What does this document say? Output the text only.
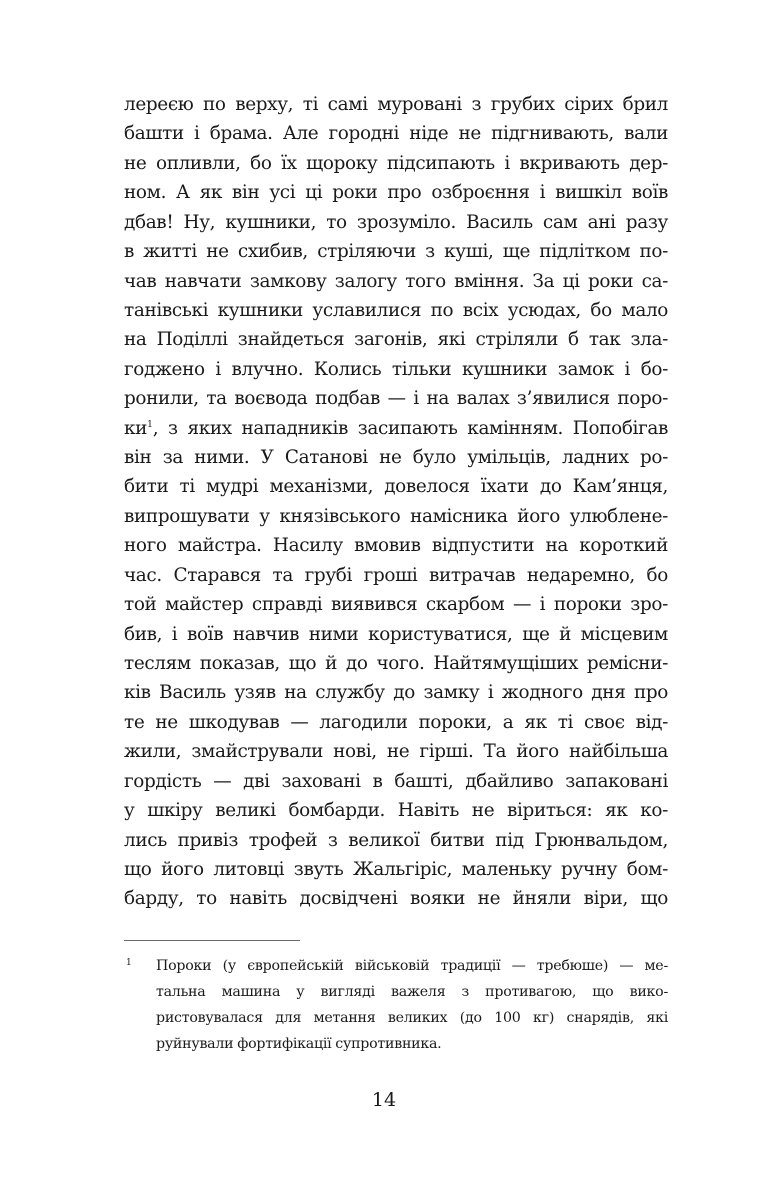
лереєю по верху, ті самі муровані з грубих сірих брил
башти і брама. Але городні ніде не підгнивають, вали
не опливли, бо їх щороку підсипають і вкривають дер-
ном. А як він усі ці роки про озброєння і вишкіл воїв
дбав! Ну, кушники, то зрозуміло. Василь сам ані разу
в житті не схибив, стріляючи з куші, ще підлітком по-
чав навчати замкову залогу того вміння. За ці роки са-
танівські кушники уславилися по всіх усюдах, бо мало
на Поділлі знайдеться загонів, які стріляли б так зла-
годжено і влучно. Колись тільки кушники замок і бо-
ронили, та воєвода подбав — і на валах з’явилися поро-
ки$^1$, з яких нападників засипають камінням. Попобігав
він за ними. У Сатанові не було умільців, ладних ро-
бити ті мудрі механізми, довелося їхати до Кам’янця,
випрошувати у князівського намісника його улюблене-
ного майстра. Насилу вмовив відпустити на короткий
час. Старався та грубі гроші витрачав недаремно, бо
той майстер справді виявився скарбом — і пороки зро-
бив, і воїв навчив ними користуватися, ще й місцевим
теслям показав, що й до чого. Найтямущіших ремісни-
ків Василь узяв на службу до замку і жодного дня про
те не шкодував — лагодили пороки, а як ті своє від-
жили, змайстрували нові, не гірші. Та його найбільша
гордість — дві заховані в башті, дбайливо запаковані
у шкіру великі бомбарди. Навіть не віриться: як ко-
лись привіз трофей з великої битви під Грюнвальдом,
що його литовці звуть Жальгіріс, маленьку ручну бом-
барду, то навіть досвідчені вояки не йняли віри, що
1 Пороки (у європейській військовій традиції — требюше) — ме-
тальна машина у вигляді важеля з противагою, що вико-
ристовувалася для метання великих (до 100 кг) снарядів, які
руйнували фортифікації супротивника.
14
